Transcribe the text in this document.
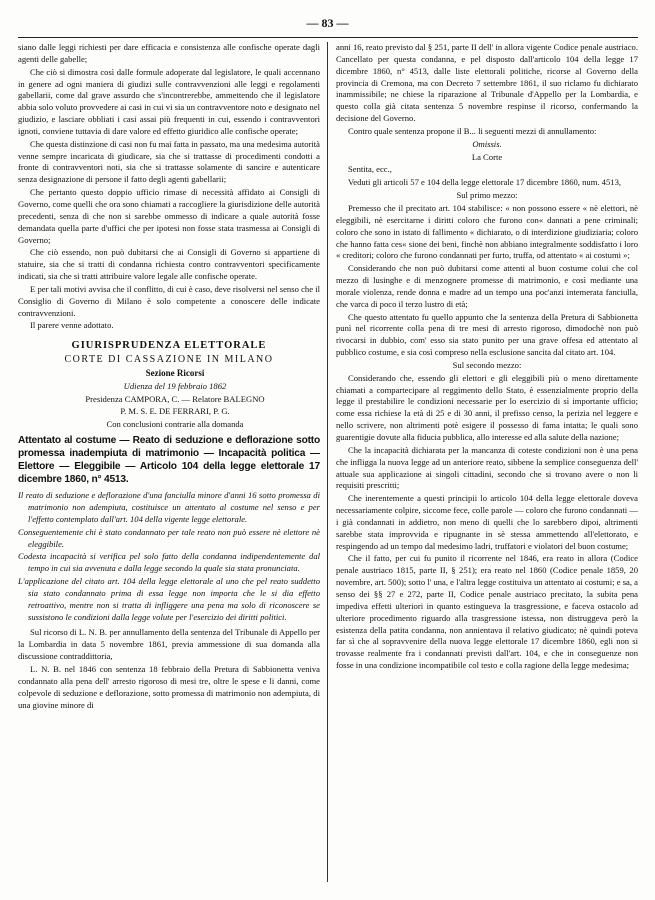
— 83 —

siano dalle leggi richiesti per dare efficacia e consistenza alle confische operate dagli agenti delle gabelle;

Che ciò si dimostra così dalle formule adoperate dal legislatore, le quali accennano in genere ad ogni maniera di giudizi sulle contravvenzioni alle leggi e regolamenti gabellarii, come dal grave assurdo che s'incontrerebbe, ammettendo che il legislatore abbia solo voluto provvedere ai casi in cui vi sia un contravventore noto e designato nel giudizio, e lasciare obbliati i casi assai più frequenti in cui, essendo i contravventori ignoti, conviene tuttavia di dare valore ed effetto giuridico alle confische operate;

Che questa distinzione di casi non fu mai fatta in passato, ma una medesima autorità venne sempre incaricata di giudicare, sia che si trattasse di procedimenti condotti a fronte di contravventori noti, sia che si trattasse solamente di sancire e autenticare senza designazione di persone il fatto degli agenti gabellarii;

Che pertanto questo doppio ufficio rimase di necessità affidato ai Consigli di Governo, come quelli che ora sono chiamati a raccogliere la giurisdizione delle autorità precedenti, senza di che non si sarebbe ommesso di indicare a quale autorità fosse demandata quella parte d'uffici che per ipotesi non fosse stata trasmessa ai Consigli di Governo;

Che ciò essendo, non può dubitarsi che ai Consigli di Governo si appartiene di statuire, sia che si tratti di condanna richiesta contro contravventori specificamente indicati, sia che si tratti attribuire valore legale alle confische operate.

E per tali motivi avvisa che il conflitto, di cui è caso, deve risolversi nel senso che il Consiglio di Governo di Milano è solo competente a conoscere delle indicate contravvenzioni.

Il parere venne adottato.

GIURISPRUDENZA ELETTORALE
CORTE DI CASSAZIONE IN MILANO

Sezione Ricorsi

Udienza del 19 febbraio 1862

Presidenza CAMPORA, C. — Relatore BALEGNO

P. M. S. E. DE FERRARI, P. G.

Con conclusioni contrarie alla domanda

Attentato al costume — Reato di seduzione e deflorazione sotto promessa inadempiuta di matrimonio — Incapacità politica — Elettore — Eleggibile — Articolo 104 della legge elettorale 17 dicembre 1860, n° 4513.

Il reato di seduzione e deflorazione d'una fanciulla minore d'anni 16 sotto promessa di matrimonio non adempiuta, costituisce un attentato al costume nel senso e per l'effetto contemplato dall'art. 104 della vigente legge elettorale.

Conseguentemente chi è stato condannato per tale reato non può essere nè elettore nè eleggibile.

Codesta incapacità si verifica pel solo fatto della condanna indipendentemente dal tempo in cui sia avvenuta e dalla legge secondo la quale sia stata pronunciata.

L'applicazione del citato art. 104 della legge elettorale al uno che pel reato suddetto sia stato condannato prima di essa legge non importa che le si dia effetto retroattivo, mentre non si tratta di infliggere una pena ma solo di riconoscere se sussistono le condizioni dalla legge volute per l'esercizio dei diritti politici.

Sul ricorso di L. N. B. per annullamento della sentenza del Tribunale di Appello per la Lombardia in data 5 novembre 1861, previa ammessione di sua domanda alla discussione contraddittoria,

L. N. B. nel 1846 con sentenza 18 febbraio della Pretura di Sabbionetta veniva condannato alla pena dell' arresto rigoroso di mesi tre, oltre le spese e li danni, come colpevole di seduzione e deflorazione, sotto promessa di matrimonio non adempiuta, di una giovine minore di

anni 16, reato previsto dal § 251, parte II dell' in allora vigente Codice penale austriaco. Cancellato per questa condanna, e pel disposto dall'articolo 104 della legge 17 dicembre 1860, n° 4513, dalle liste elettorali politiche, ricorse al Governo della provincia di Cremona, ma con Decreto 7 settembre 1861, il suo riclamo fu dichiarato inammissibile; ne chiese la riparazione al Tribunale d'Appello per la Lombardia, e questo colla già citata sentenza 5 novembre respinse il ricorso, confermando la decisione del Governo.

Contro quale sentenza propone il B... li seguenti mezzi di annullamento:

Omissis.

La Corte

Sentita, ecc.,

Veduti gli articoli 57 e 104 della legge elettorale 17 dicembre 1860, num. 4513,

Sul primo mezzo:

Premesso che il precitato art. 104 stabilisce: « non possono essere « nè elettori, nè eleggibili, nè esercitarne i diritti coloro che furono con« dannati a pene criminali; coloro che sono in istato di fallimento « dichiarato, o di interdizione giudiziaria; coloro che hanno fatta ces« sione dei beni, finchè non abbiano integralmente soddisfatto i loro « creditori; coloro che furono condannati per furto, truffa, od attentato « ai costumi »;

Considerando che non può dubitarsi come attenti al buon costume colui che col mezzo di lusinghe e di menzognere promesse di matrimonio, e così mediante una morale violenza, rende donna e madre ad un tempo una poc'anzi intemerata fanciulla, che varca di poco il terzo lustro di età;

Che questo attentato fu quello appunto che la sentenza della Pretura di Sabbionetta punì nel ricorrente colla pena di tre mesi di arresto rigoroso, dimodochè non può rivocarsi in dubbio, com' esso sia stato punito per una grave offesa ed attentato al pubblico costume, e sia così compreso nella esclusione sancita dal citato art. 104.

Sul secondo mezzo:

Considerando che, essendo gli elettori e gli eleggibili più o meno direttamente chiamati a compartecipare al reggimento dello Stato, è essenzialmente proprio della legge il prestabilire le condizioni necessarie per lo esercizio di sì importante ufficio; come essa richiese la età di 25 e di 30 anni, il prefisso censo, la perizia nel leggere e nello scrivere, non altrimenti potè esigere il possesso di fama intatta; le quali sono guarentigie dovute alla fiducia pubblica, allo interesse ed alla salute della nazione;

Che la incapacità dichiarata per la mancanza di coteste condizioni non è una pena che infligga la nuova legge ad un anteriore reato, sibbene la semplice conseguenza dell' attuale sua applicazione ai singoli cittadini, secondo che si trovano avere o non li requisiti prescritti;

Che inerentemente a questi principii lo articolo 104 della legge elettorale doveva necessariamente colpire, siccome fece, colle parole — coloro che furono condannati — i già condannati in addietro, non meno di quelli che lo sarebbero dipoi, altrimenti sarebbe stata improvvida e ripugnante in sè stessa ammettendo all'elettorato, e respingendo ad un tempo dal medesimo ladri, truffatori e violatori del buon costume;

Che il fatto, per cui fu punito il ricorrente nel 1846, era reato in allora (Codice penale austriaco 1815, parte II, § 251); era reato nel 1860 (Codice penale 1859, 20 novembre, art. 500); sotto l' una, e l'altra legge costituiva un attentato ai costumi; e sa, a senso dei §§ 27 e 272, parte II, Codice penale austriaco precitato, la subita pena impediva effetti ulteriori in quanto estingueva la trasgressione, e faceva ostacolo ad ulteriore procedimento riguardo alla trasgressione istessa, non distruggeva però la esistenza della patita condanna, non annientava il relativo giudicato; nè quindi poteva far sì che al sopravvenire della nuova legge elettorale 17 dicembre 1860, egli non si trovasse realmente fra i condannati previsti dall'art. 104, e che in conseguenze non fosse in una condizione incompatibile col testo e colla ragione della legge medesima;
